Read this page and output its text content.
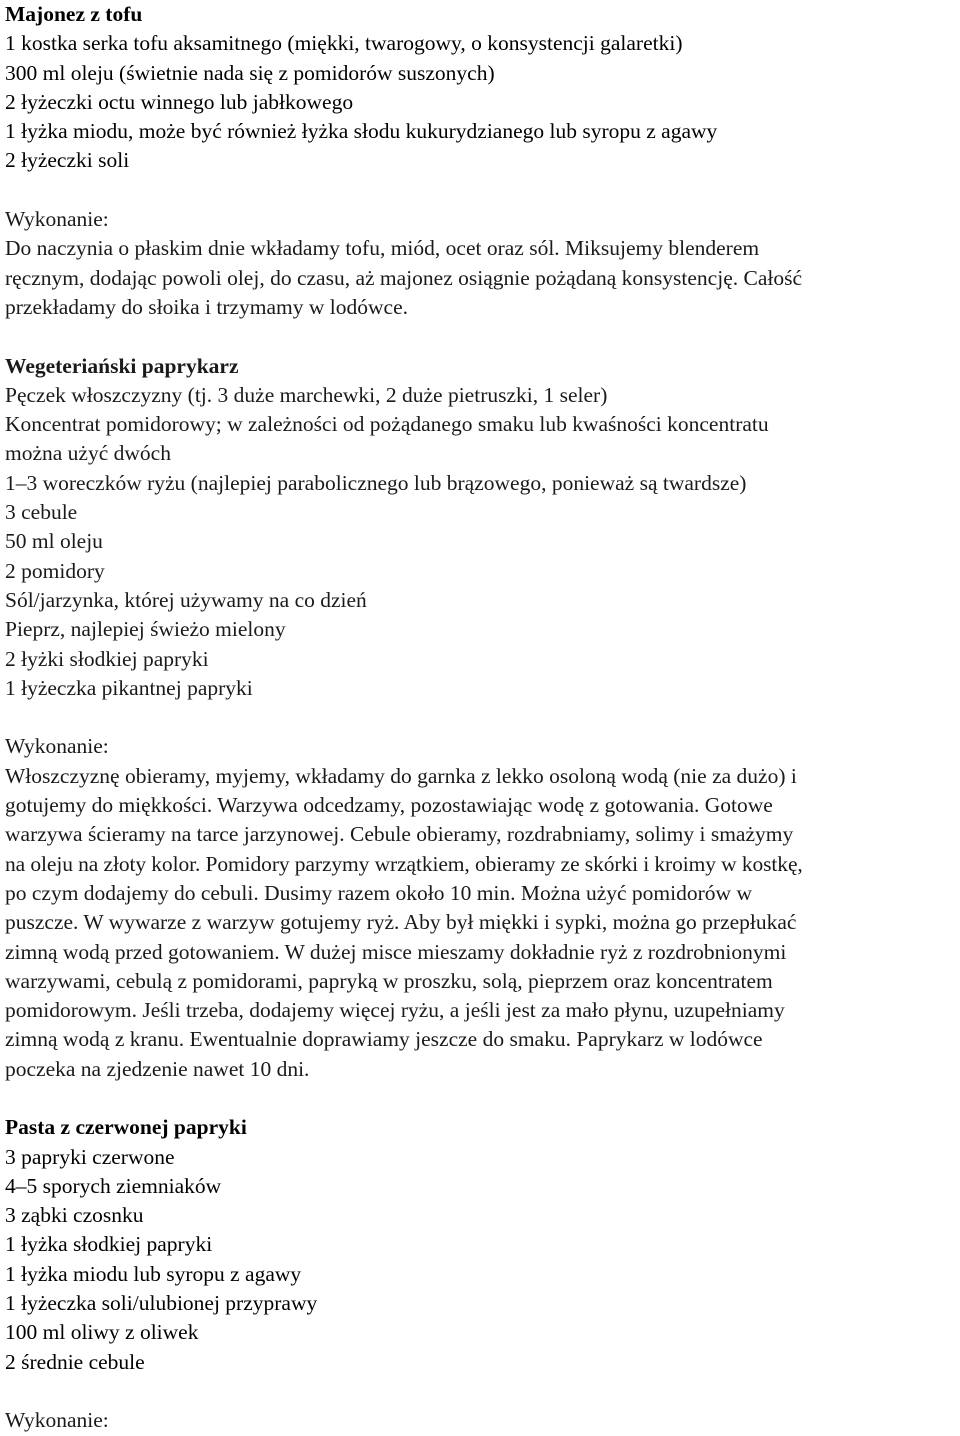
Majonez z tofu
1 kostka serka tofu aksamitnego (miękki, twarogowy, o konsystencji galaretki)
300 ml oleju (świetnie nada się z pomidorów suszonych)
2 łyżeczki octu winnego lub jabłkowego
1 łyżka miodu, może być również łyżka słodu kukurydzianego lub syropu z agawy
2 łyżeczki soli
Wykonanie:
Do naczynia o płaskim dnie wkładamy tofu, miód, ocet oraz sól. Miksujemy blenderem
ręcznym, dodając powoli olej, do czasu, aż majonez osiągnie pożądaną konsystencję. Całość
przekładamy do słoika i trzymamy w lodówce.
Wegeteriański paprykarz
Pęczek włoszczyzny (tj. 3 duże marchewki, 2 duże pietruszki, 1 seler)
Koncentrat pomidorowy; w zależności od pożądanego smaku lub kwaśności koncentratu
można użyć dwóch
1–3 woreczków ryżu (najlepiej parabolicznego lub brązowego, ponieważ są twardsze)
3 cebule
50 ml oleju
2 pomidory
Sól/jarzynka, której używamy na co dzień
Pieprz, najlepiej świeżo mielony
2 łyżki słodkiej papryki
1 łyżeczka pikantnej papryki
Wykonanie:
Włoszczyznę obieramy, myjemy, wkładamy do garnka z lekko osoloną wodą (nie za dużo) i
gotujemy do miękkości. Warzywa odcedzamy, pozostawiając wodę z gotowania. Gotowe
warzywa ścieramy na tarce jarzynowej. Cebule obieramy, rozdrabniamy, solimy i smażymy
na oleju na złoty kolor. Pomidory parzymy wrzątkiem, obieramy ze skórki i kroimy w kostkę,
po czym dodajemy do cebuli. Dusimy razem około 10 min. Można użyć pomidorów w
puszcze. W wywarze z warzyw gotujemy ryż. Aby był miękki i sypki, można go przepłukać
zimną wodą przed gotowaniem. W dużej misce mieszamy dokładnie ryż z rozdrobnionymi
warzywami, cebulą z pomidorami, papryką w proszku, solą, pieprzem oraz koncentratem
pomidorowym. Jeśli trzeba, dodajemy więcej ryżu, a jeśli jest za mało płynu, uzupełniamy
zimną wodą z kranu. Ewentualnie doprawiamy jeszcze do smaku. Paprykarz w lodówce
poczeka na zjedzenie nawet 10 dni.
Pasta z czerwonej papryki
3 papryki czerwone
4–5 sporych ziemniaków
3 ząbki czosnku
1 łyżka słodkiej papryki
1 łyżka miodu lub syropu z agawy
1 łyżeczka soli/ulubionej przyprawy
100 ml oliwy z oliwek
2 średnie cebule
Wykonanie:
